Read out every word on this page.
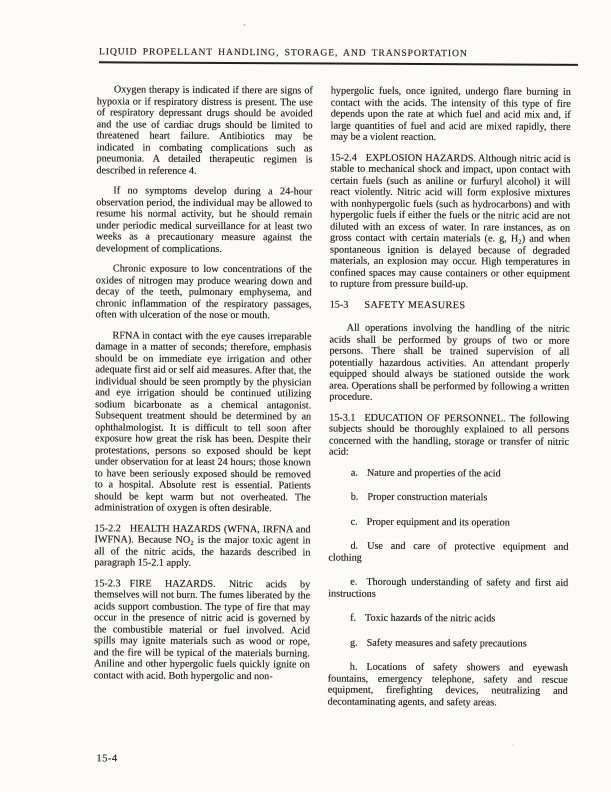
LIQUID PROPELLANT HANDLING, STORAGE, AND TRANSPORTATION

Oxygen therapy is indicated if there are signs of hypoxia or if respiratory distress is present. The use of respiratory depressant drugs should be avoided and the use of cardiac drugs should be limited to threatened heart failure. Antibiotics may be indicated in combating complications such as pneumonia. A detailed therapeutic regimen is described in reference 4.

If no symptoms develop during a 24-hour observation period, the individual may be allowed to resume his normal activity, but he should remain under periodic medical surveillance for at least two weeks as a precautionary measure against the development of complications.

Chronic exposure to low concentrations of the oxides of nitrogen may produce wearing down and decay of the teeth, pulmonary emphysema, and chronic inflammation of the respiratory passages, often with ulceration of the nose or mouth.

RFNA in contact with the eye causes irreparable damage in a matter of seconds; therefore, emphasis should be on immediate eye irrigation and other adequate first aid or self aid measures. After that, the individual should be seen promptly by the physician and eye irrigation should be continued utilizing sodium bicarbonate as a chemical antagonist. Subsequent treatment should be determined by an ophthalmologist. It is difficult to tell soon after exposure how great the risk has been. Despite their protestations, persons so exposed should be kept under observation for at least 24 hours; those known to have been seriously exposed should be removed to a hospital. Absolute rest is essential. Patients should be kept warm but not overheated. The administration of oxygen is often desirable.

15-2.2 HEALTH HAZARDS (WFNA, IRFNA and IWFNA). Because NO₂ is the major toxic agent in all of the nitric acids, the hazards described in paragraph 15-2.1 apply.

15-2.3 FIRE HAZARDS. Nitric acids by themselves will not burn. The fumes liberated by the acids support combustion. The type of fire that may occur in the presence of nitric acid is governed by the combustible material or fuel involved. Acid spills may ignite materials such as wood or rope, and the fire will be typical of the materials burning. Aniline and other hypergolic fuels quickly ignite on contact with acid. Both hypergolic and non-

hypergolic fuels, once ignited, undergo flare burning in contact with the acids. The intensity of this type of fire depends upon the rate at which fuel and acid mix and, if large quantities of fuel and acid are mixed rapidly, there may be a violent reaction.

15-2.4 EXPLOSION HAZARDS. Although nitric acid is stable to mechanical shock and impact, upon contact with certain fuels (such as aniline or furfuryl alcohol) it will react violently. Nitric acid will form explosive mixtures with nonhypergolic fuels (such as hydrocarbons) and with hypergolic fuels if either the fuels or the nitric acid are not diluted with an excess of water. In rare instances, as on gross contact with certain materials (e. g, H₂) and when spontaneous ignition is delayed because of degraded materials, an explosion may occur. High temperatures in confined spaces may cause containers or other equipment to rupture from pressure build-up.

15-3 SAFETY MEASURES

All operations involving the handling of the nitric acids shall be performed by groups of two or more persons. There shall be trained supervision of all potentially hazardous activities. An attendant properly equipped should always be stationed outside the work area. Operations shall be performed by following a written procedure.

15-3.1 EDUCATION OF PERSONNEL. The following subjects should be thoroughly explained to all persons concerned with the handling, storage or transfer of nitric acid:

a. Nature and properties of the acid

b. Proper construction materials

c. Proper equipment and its operation

d. Use and care of protective equipment and clothing

e. Thorough understanding of safety and first aid instructions

f. Toxic hazards of the nitric acids

g. Safety measures and safety precautions

h. Locations of safety showers and eyewash fountains, emergency telephone, safety and rescue equipment, firefighting devices, neutralizing and decontaminating agents, and safety areas.

15-4
